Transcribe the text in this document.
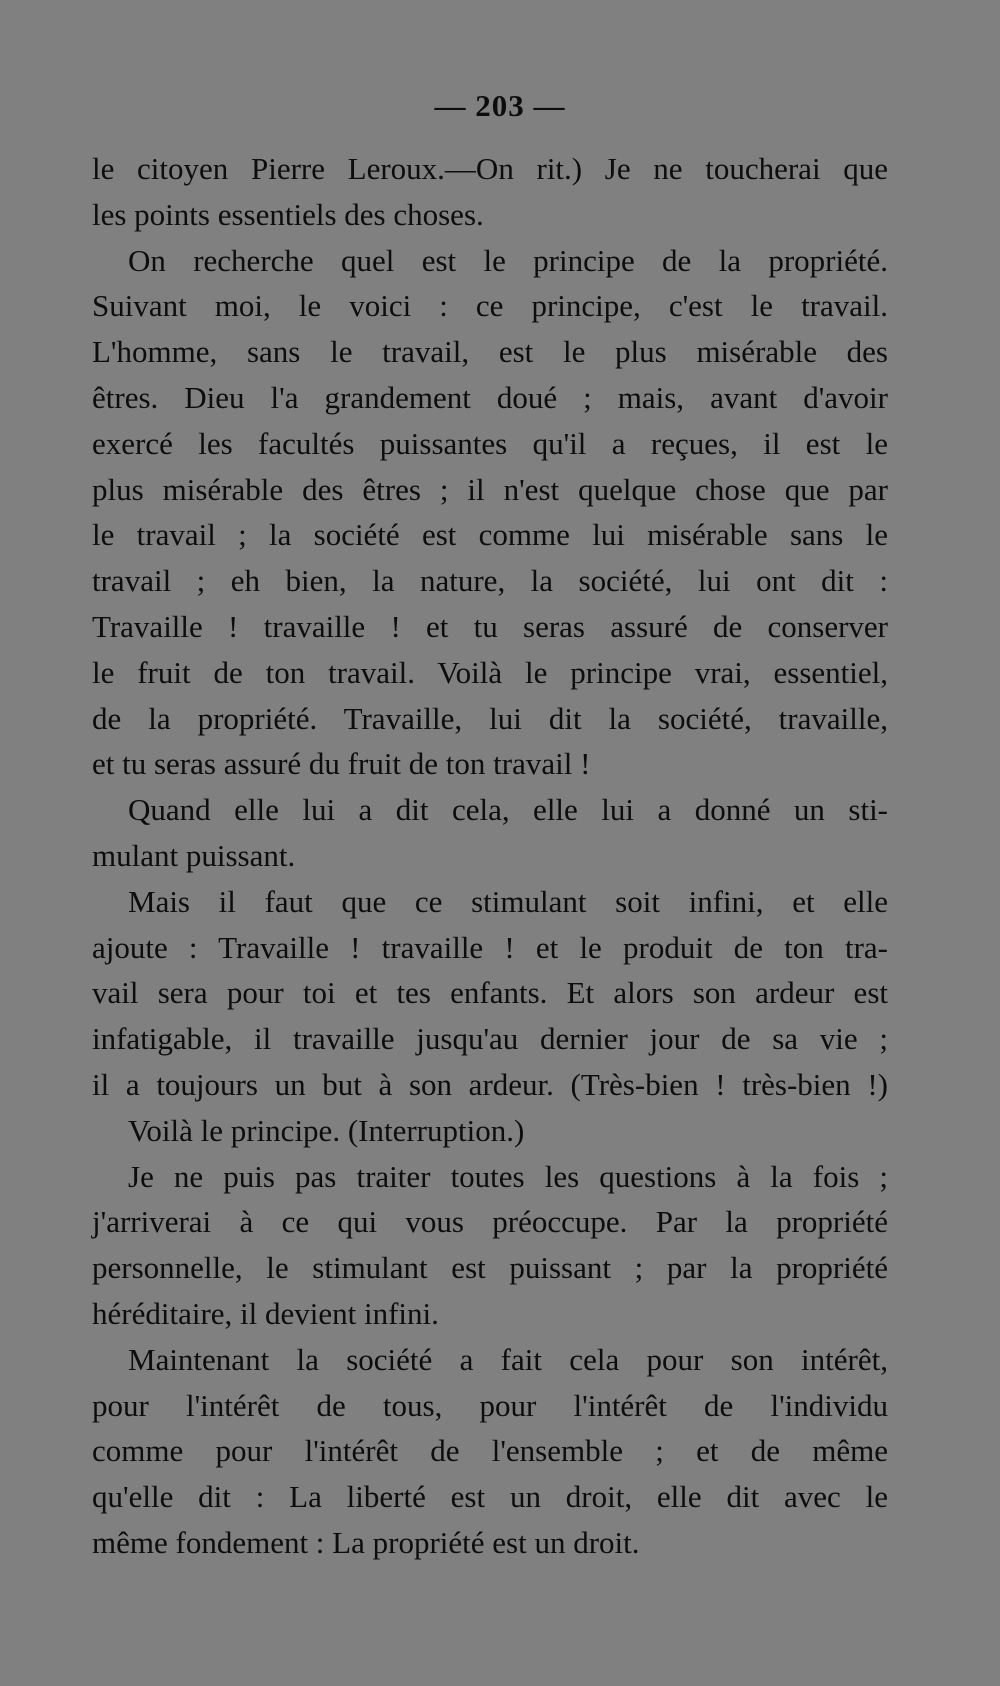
— 203 —
le citoyen Pierre Leroux.—On rit.) Je ne toucherai que
les points essentiels des choses.
On recherche quel est le principe de la propriété.
Suivant moi, le voici : ce principe, c'est le travail.
L'homme, sans le travail, est le plus misérable des
êtres. Dieu l'a grandement doué ; mais, avant d'avoir
exercé les facultés puissantes qu'il a reçues, il est le
plus misérable des êtres ; il n'est quelque chose que par
le travail ; la société est comme lui misérable sans le
travail ; eh bien, la nature, la société, lui ont dit :
Travaille ! travaille ! et tu seras assuré de conserver
le fruit de ton travail. Voilà le principe vrai, essentiel,
de la propriété. Travaille, lui dit la société, travaille,
et tu seras assuré du fruit de ton travail !
Quand elle lui a dit cela, elle lui a donné un sti-
mulant puissant.
Mais il faut que ce stimulant soit infini, et elle
ajoute : Travaille ! travaille ! et le produit de ton tra-
vail sera pour toi et tes enfants. Et alors son ardeur est
infatigable, il travaille jusqu'au dernier jour de sa vie ;
il a toujours un but à son ardeur. (Très-bien ! très-bien !)
Voilà le principe. (Interruption.)
Je ne puis pas traiter toutes les questions à la fois ;
j'arriverai à ce qui vous préoccupe. Par la propriété
personnelle, le stimulant est puissant ; par la propriété
héréditaire, il devient infini.
Maintenant la société a fait cela pour son intérêt,
pour l'intérêt de tous, pour l'intérêt de l'individu
comme pour l'intérêt de l'ensemble ; et de même
qu'elle dit : La liberté est un droit, elle dit avec le
même fondement : La propriété est un droit.
